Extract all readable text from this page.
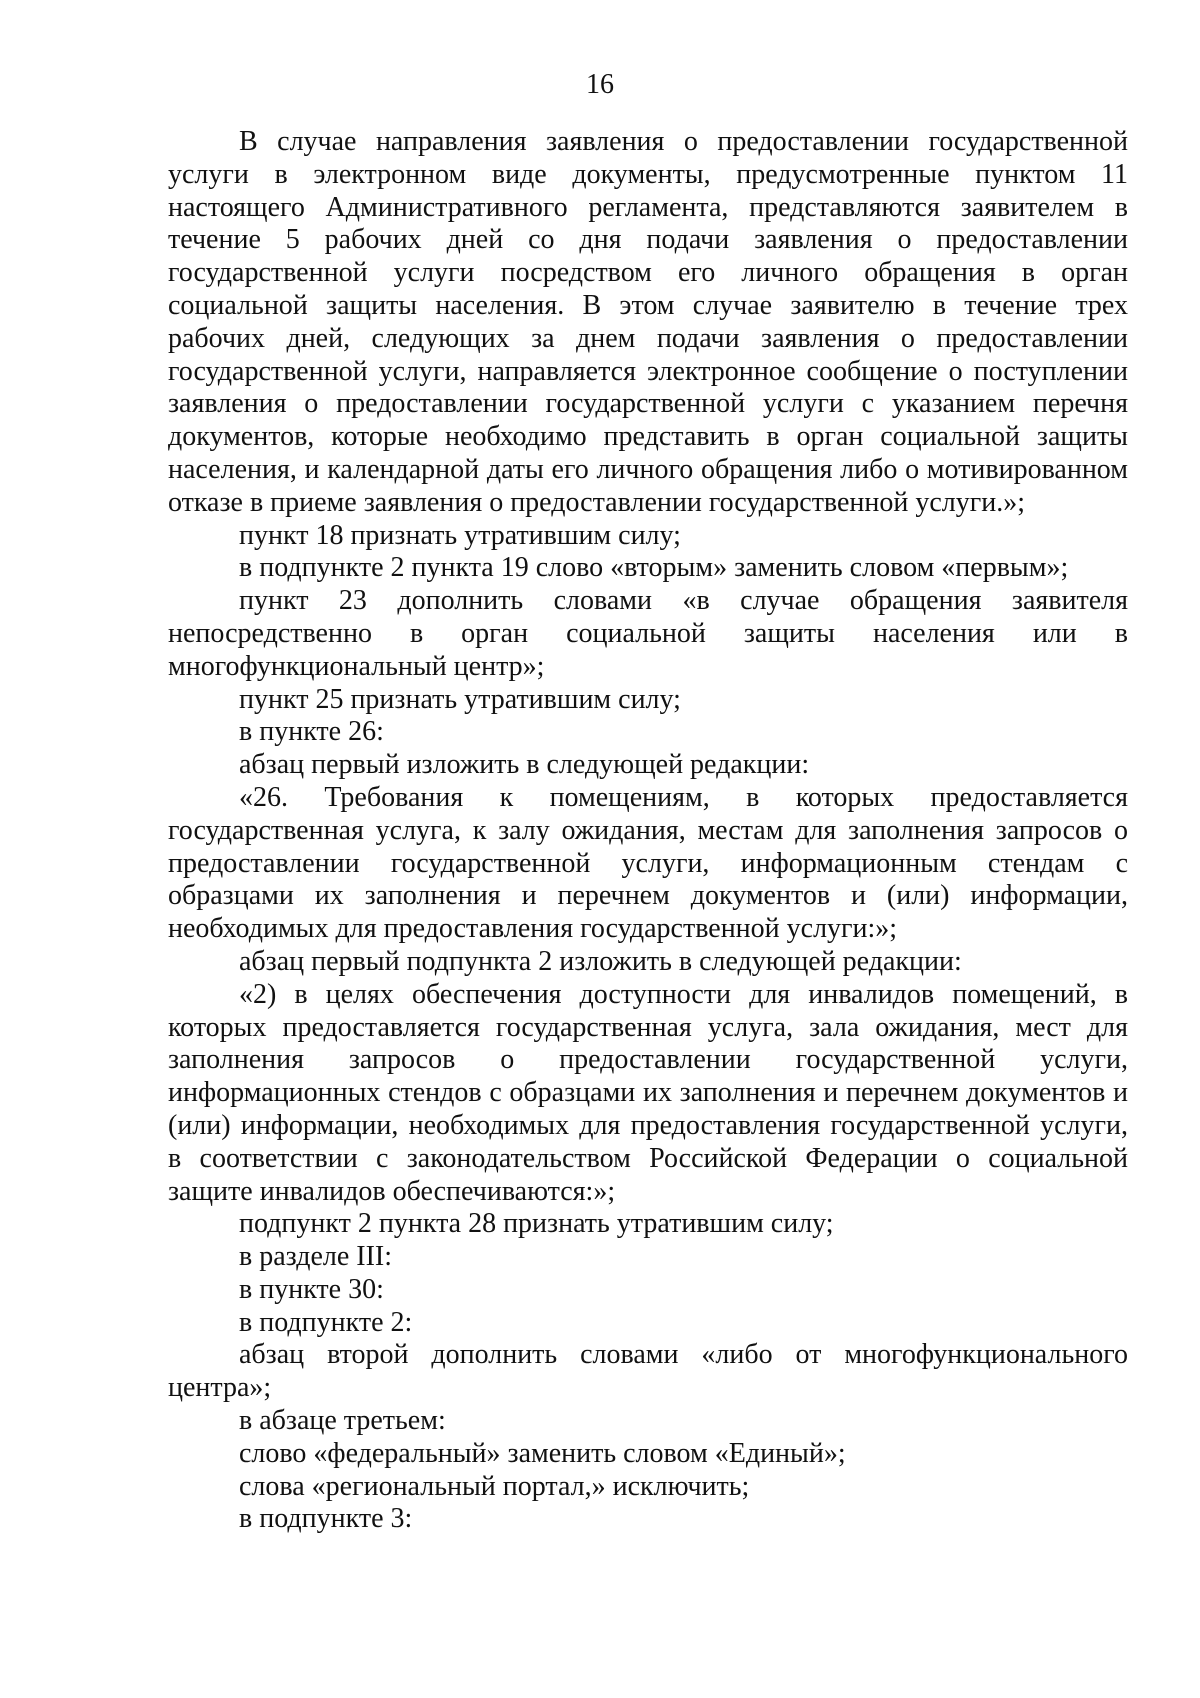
16

В случае направления заявления о предоставлении государственной услуги в электронном виде документы, предусмотренные пунктом 11 настоящего Административного регламента, представляются заявителем в течение 5 рабочих дней со дня подачи заявления о предоставлении государственной услуги посредством его личного обращения в орган социальной защиты населения. В этом случае заявителю в течение трех рабочих дней, следующих за днем подачи заявления о предоставлении государственной услуги, направляется электронное сообщение о поступлении заявления о предоставлении государственной услуги с указанием перечня документов, которые необходимо представить в орган социальной защиты населения, и календарной даты его личного обращения либо о мотивированном отказе в приеме заявления о предоставлении государственной услуги.»;

пункт 18 признать утратившим силу;

в подпункте 2 пункта 19 слово «вторым» заменить словом «первым»;

пункт 23 дополнить словами «в случае обращения заявителя непосредственно в орган социальной защиты населения или в многофункциональный центр»;

пункт 25 признать утратившим силу;

в пункте 26:

абзац первый изложить в следующей редакции:

«26. Требования к помещениям, в которых предоставляется государственная услуга, к залу ожидания, местам для заполнения запросов о предоставлении государственной услуги, информационным стендам с образцами их заполнения и перечнем документов и (или) информации, необходимых для предоставления государственной услуги:»;

абзац первый подпункта 2 изложить в следующей редакции:

«2) в целях обеспечения доступности для инвалидов помещений, в которых предоставляется государственная услуга, зала ожидания, мест для заполнения запросов о предоставлении государственной услуги, информационных стендов с образцами их заполнения и перечнем документов и (или) информации, необходимых для предоставления государственной услуги, в соответствии с законодательством Российской Федерации о социальной защите инвалидов обеспечиваются:»;

подпункт 2 пункта 28 признать утратившим силу;

в разделе III:

в пункте 30:

в подпункте 2:

абзац второй дополнить словами «либо от многофункционального центра»;

в абзаце третьем:

слово «федеральный» заменить словом «Единый»;

слова «региональный портал,» исключить;

в подпункте 3:
